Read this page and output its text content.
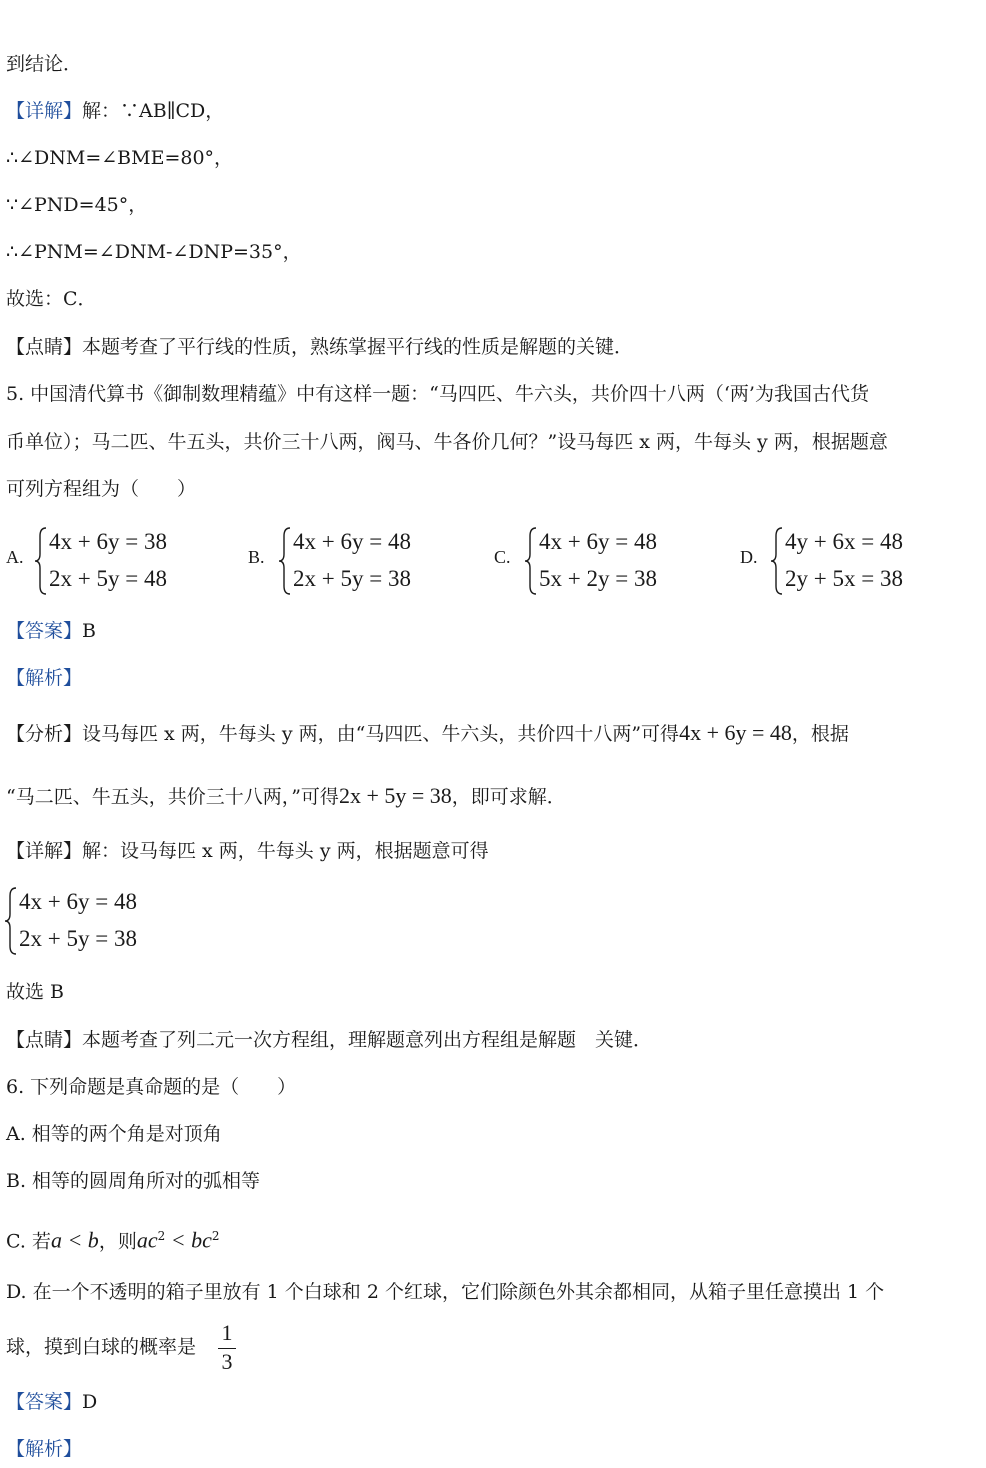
到结论．
【详解】解：∵AB∥CD，
∴∠DNM=∠BME=80°，
∵∠PND=45°，
∴∠PNM=∠DNM-∠DNP=35°，
故选：C．
【点睛】本题考查了平行线的性质，熟练掌握平行线的性质是解题的关键．
5. 中国清代算书《御制数理精蕴》中有这样一题：“马四匹、牛六头，共价四十八两（‘两’为我国古代货
币单位）；马二匹、牛五头，共价三十八两，阀马、牛各价几何？”设马每匹 x 两，牛每头 y 两，根据题意
可列方程组为（　　）
A.
4x + 6y = 38
2x + 5y = 48
B.
4x + 6y = 48
2x + 5y = 38
C.
4x + 6y = 48
5x + 2y = 38
D.
4y + 6x = 48
2y + 5x = 38
【答案】B
【解析】
【分析】设马每匹 x 两，牛每头 y 两，由“马四匹、牛六头，共价四十八两”可得4x + 6y = 48，根据
“马二匹、牛五头，共价三十八两，”可得2x + 5y = 38，即可求解．
【详解】解：设马每匹 x 两，牛每头 y 两，根据题意可得
4x + 6y = 48
2x + 5y = 38
故选 B
【点睛】本题考查了列二元一次方程组，理解题意列出方程组是解题　关键．
6. 下列命题是真命题的是（　　）
A. 相等的两个角是对顶角
B. 相等的圆周角所对的弧相等
C. 若a < b，则$ac^2 < bc^2$
D. 在一个不透明的箱子里放有 1 个白球和 2 个红球，它们除颜色外其余都相同，从箱子里任意摸出 1 个
球，摸到白球的概率是
1
3
【答案】D
【解析】
